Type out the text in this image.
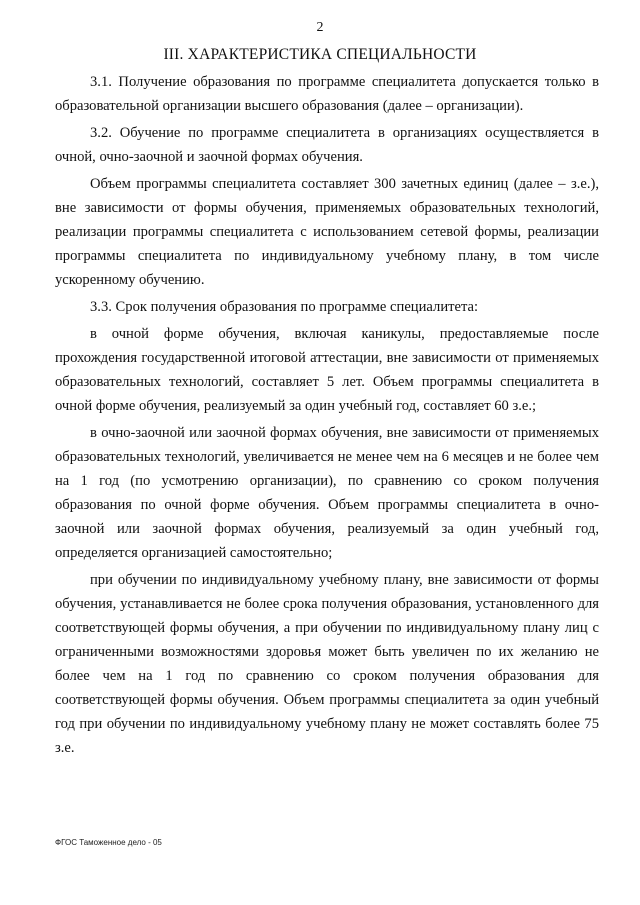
2
III. ХАРАКТЕРИСТИКА СПЕЦИАЛЬНОСТИ

3.1. Получение образования по программе специалитета допускается только в образовательной организации высшего образования (далее – организации).

3.2. Обучение по программе специалитета в организациях осуществляется в очной, очно-заочной и заочной формах обучения.

Объем программы специалитета составляет 300 зачетных единиц (далее – з.е.), вне зависимости от формы обучения, применяемых образовательных технологий, реализации программы специалитета с использованием сетевой формы, реализации программы специалитета по индивидуальному учебному плану, в том числе ускоренному обучению.

3.3. Срок получения образования по программе специалитета:

в очной форме обучения, включая каникулы, предоставляемые после прохождения государственной итоговой аттестации, вне зависимости от применяемых образовательных технологий, составляет 5 лет. Объем программы специалитета в очной форме обучения, реализуемый за один учебный год, составляет 60 з.е.;

в очно-заочной или заочной формах обучения, вне зависимости от применяемых образовательных технологий, увеличивается не менее чем на 6 месяцев и не более чем на 1 год (по усмотрению организации), по сравнению со сроком получения образования по очной форме обучения. Объем программы специалитета в очно-заочной или заочной формах обучения, реализуемый за один учебный год, определяется организацией самостоятельно;

при обучении по индивидуальному учебному плану, вне зависимости от формы обучения, устанавливается не более срока получения образования, установленного для соответствующей формы обучения, а при обучении по индивидуальному плану лиц с ограниченными возможностями здоровья может быть увеличен по их желанию не более чем на 1 год по сравнению со сроком получения образования для соответствующей формы обучения. Объем программы специалитета за один учебный год при обучении по индивидуальному учебному плану не может составлять более 75 з.е.

ФГОС Таможенное дело - 05
